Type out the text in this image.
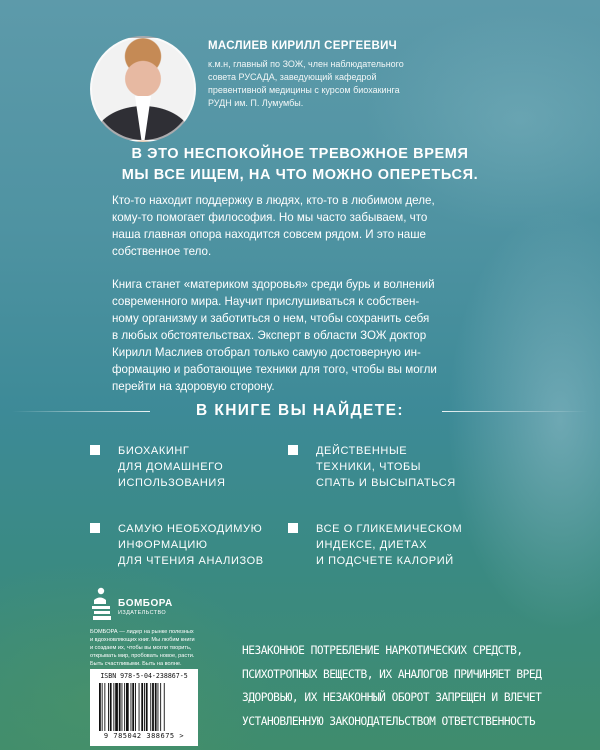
МАСЛИЕВ КИРИЛЛ СЕРГЕЕВИЧ
к.м.н, главный по ЗОЖ, член наблюдательного
совета РУСАДА, заведующий кафедрой
превентивной медицины с курсом биохакинга
РУДН им. П. Лумумбы.
В ЭТО НЕСПОКОЙНОЕ ТРЕВОЖНОЕ ВРЕМЯ
МЫ ВСЕ ИЩЕМ, НА ЧТО МОЖНО ОПЕРЕТЬСЯ.
Кто-то находит поддержку в людях, кто-то в любимом деле,
кому-то помогает философия. Но мы часто забываем, что
наша главная опора находится совсем рядом. И это наше
собственное тело.
Книга станет «материком здоровья» среди бурь и волнений
современного мира. Научит прислушиваться к собствен-
ному организму и заботиться о нем, чтобы сохранить себя
в любых обстоятельствах. Эксперт в области ЗОЖ доктор
Кирилл Маслиев отобрал только самую достоверную ин-
формацию и работающие техники для того, чтобы вы могли
перейти на здоровую сторону.
В КНИГЕ ВЫ НАЙДЕТЕ:
БИОХАКИНГ
ДЛЯ ДОМАШНЕГО
ИСПОЛЬЗОВАНИЯ
ДЕЙСТВЕННЫЕ
ТЕХНИКИ, ЧТОБЫ
СПАТЬ И ВЫСЫПАТЬСЯ
САМУЮ НЕОБХОДИМУЮ
ИНФОРМАЦИЮ
ДЛЯ ЧТЕНИЯ АНАЛИЗОВ
ВСЕ О ГЛИКЕМИЧЕСКОМ
ИНДЕКСЕ, ДИЕТАХ
И ПОДСЧЕТЕ КАЛОРИЙ
БОМБОРА
ИЗДАТЕЛЬСТВО
БОМБОРА — лидер на рынке полезных
и вдохновляющих книг. Мы любим книги
и создаем их, чтобы вы могли творить,
открывать мир, пробовать новое, расти.
Быть счастливыми. Быть на волне.
ISBN 978-5-04-238867-5
9 785042 388675 >
НЕЗАКОННОЕ ПОТРЕБЛЕНИЕ НАРКОТИЧЕСКИХ СРЕДСТВ,
ПСИХОТРОПНЫХ ВЕЩЕСТВ, ИХ АНАЛОГОВ ПРИЧИНЯЕТ ВРЕД
ЗДОРОВЬЮ, ИХ НЕЗАКОННЫЙ ОБОРОТ ЗАПРЕЩЕН И ВЛЕЧЕТ
УСТАНОВЛЕННУЮ ЗАКОНОДАТЕЛЬСТВОМ ОТВЕТСТВЕННОСТЬ
